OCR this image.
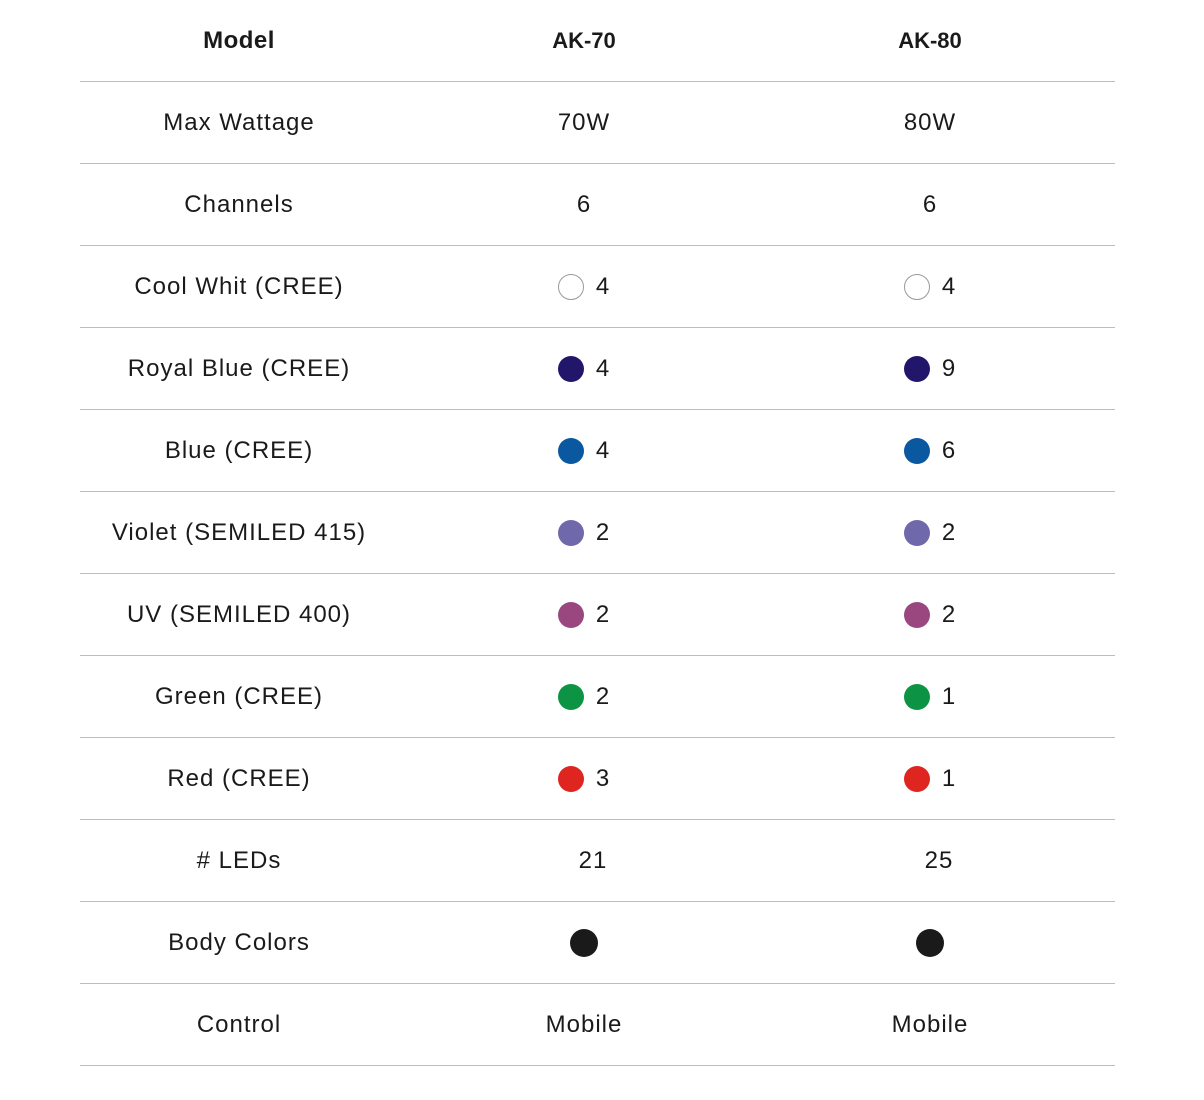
Model	AK-70	AK-80
Max Wattage	70W	80W
Channels	6	6
Cool Whit (CREE)	4	4
Royal Blue (CREE)	4	9
Blue (CREE)	4	6
Violet (SEMILED 415)	2	2
UV (SEMILED 400)	2	2
Green (CREE)	2	1
Red (CREE)	3	1
# LEDs	21	25
Body Colors
Control	Mobile	Mobile
